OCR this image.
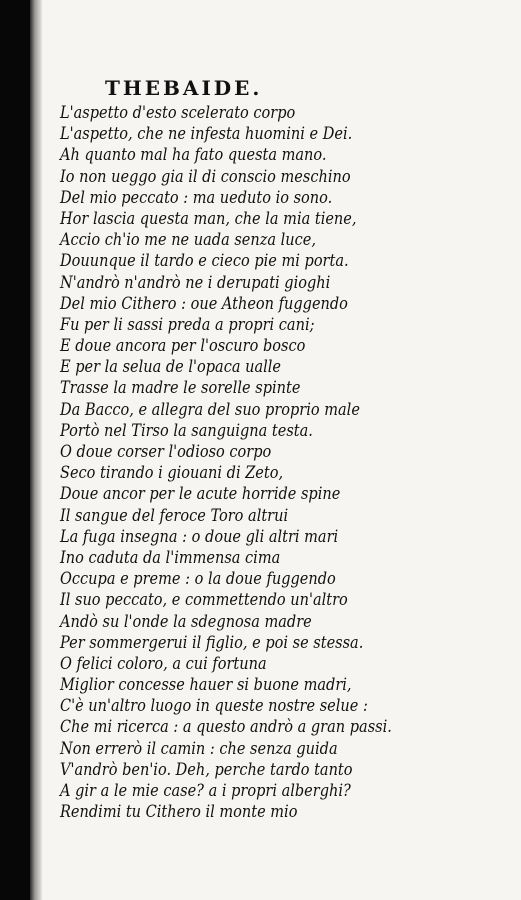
THEBAIDE.
L'aspetto d'esto scelerato corpo
L'aspetto, che ne infesta huomini e Dei.
Ah quanto mal ha fato questa mano.
Io non ueggo gia il di conscio meschino
Del mio peccato : ma ueduto io sono.
Hor lascia questa man, che la mia tiene,
Accio ch'io me ne uada senza luce,
Douunque il tardo e cieco pie mi porta.
N'andrò n'andrò ne i derupati gioghi
Del mio Cithero : oue Atheon fuggendo
Fu per li sassi preda a propri cani;
E doue ancora per l'oscuro bosco
E per la selua de l'opaca ualle
Trasse la madre le sorelle spinte
Da Bacco, e allegra del suo proprio male
Portò nel Tirso la sanguigna testa.
O doue corser l'odioso corpo
Seco tirando i giouani di Zeto,
Doue ancor per le acute horride spine
Il sangue del feroce Toro altrui
La fuga insegna : o doue gli altri mari
Ino caduta da l'immensa cima
Occupa e preme : o la doue fuggendo
Il suo peccato, e commettendo un'altro
Andò su l'onde la sdegnosa madre
Per sommergerui il figlio, e poi se stessa.
O felici coloro, a cui fortuna
Miglior concesse hauer si buone madri,
C'è un'altro luogo in queste nostre selue :
Che mi ricerca : a questo andrò a gran passi.
Non errerò il camin : che senza guida
V'andrò ben'io. Deh, perche tardo tanto
A gir a le mie case? a i propri alberghi?
Rendimi tu Cithero il monte mio
